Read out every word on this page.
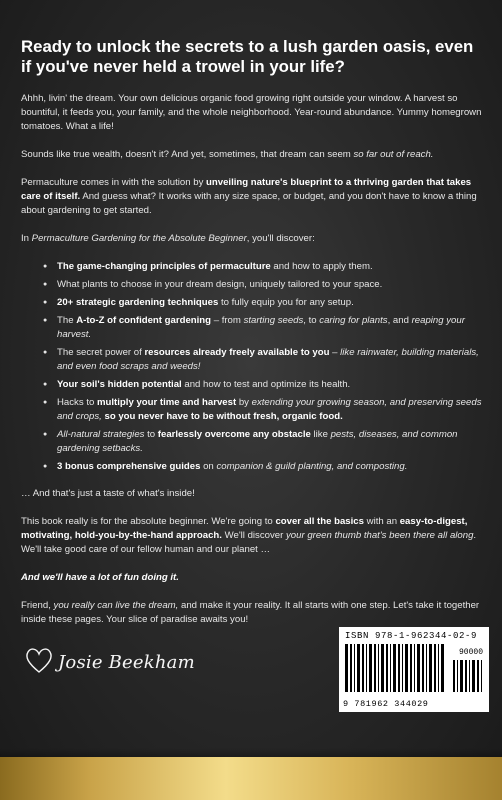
Ready to unlock the secrets to a lush garden oasis, even if you've never held a trowel in your life?

Ahhh, livin' the dream. Your own delicious organic food growing right outside your window. A harvest so bountiful, it feeds you, your family, and the whole neighborhood. Year-round abundance. Yummy homegrown tomatoes. What a life!

Sounds like true wealth, doesn't it? And yet, sometimes, that dream can seem so far out of reach.

Permaculture comes in with the solution by unveiling nature's blueprint to a thriving garden that takes care of itself. And guess what? It works with any size space, or budget, and you don't have to know a thing about gardening to get started.

In Permaculture Gardening for the Absolute Beginner, you'll discover:

● The game-changing principles of permaculture and how to apply them.
● What plants to choose in your dream design, uniquely tailored to your space.
● 20+ strategic gardening techniques to fully equip you for any setup.
● The A-to-Z of confident gardening – from starting seeds, to caring for plants, and reaping your harvest.
● The secret power of resources already freely available to you – like rainwater, building materials, and even food scraps and weeds!
● Your soil's hidden potential and how to test and optimize its health.
● Hacks to multiply your time and harvest by extending your growing season, and preserving seeds and crops, so you never have to be without fresh, organic food.
● All-natural strategies to fearlessly overcome any obstacle like pests, diseases, and common gardening setbacks.
● 3 bonus comprehensive guides on companion & guild planting, and composting.

… And that's just a taste of what's inside!

This book really is for the absolute beginner. We're going to cover all the basics with an easy-to-digest, motivating, hold-you-by-the-hand approach. We'll discover your green thumb that's been there all along. We'll take good care of our fellow human and our planet …

And we'll have a lot of fun doing it.

Friend, you really can live the dream, and make it your reality. It all starts with one step. Let's take it together inside these pages. Your slice of paradise awaits you!

Josie Beekham
ISBN 978-1-962344-02-9
90000
9 781962 344029
